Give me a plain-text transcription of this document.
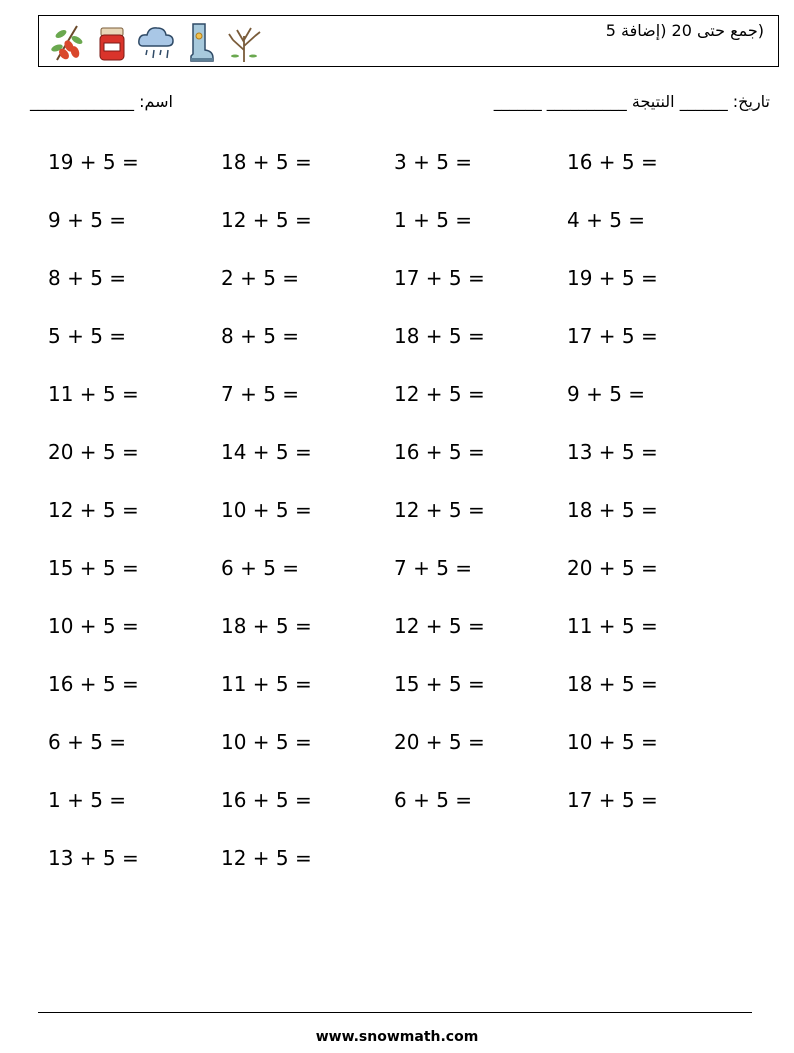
(جمع حتى 20 (إضافة 5
اسم: _____________	تاريخ: ______ النتيجة __________ ______
19 + 5 =	18 + 5 =	3 + 5 =	16 + 5 =
9 + 5 =	12 + 5 =	1 + 5 =	4 + 5 =
8 + 5 =	2 + 5 =	17 + 5 =	19 + 5 =
5 + 5 =	8 + 5 =	18 + 5 =	17 + 5 =
11 + 5 =	7 + 5 =	12 + 5 =	9 + 5 =
20 + 5 =	14 + 5 =	16 + 5 =	13 + 5 =
12 + 5 =	10 + 5 =	12 + 5 =	18 + 5 =
15 + 5 =	6 + 5 =	7 + 5 =	20 + 5 =
10 + 5 =	18 + 5 =	12 + 5 =	11 + 5 =
16 + 5 =	11 + 5 =	15 + 5 =	18 + 5 =
6 + 5 =	10 + 5 =	20 + 5 =	10 + 5 =
1 + 5 =	16 + 5 =	6 + 5 =	17 + 5 =
13 + 5 =	12 + 5 =
www.snowmath.com
